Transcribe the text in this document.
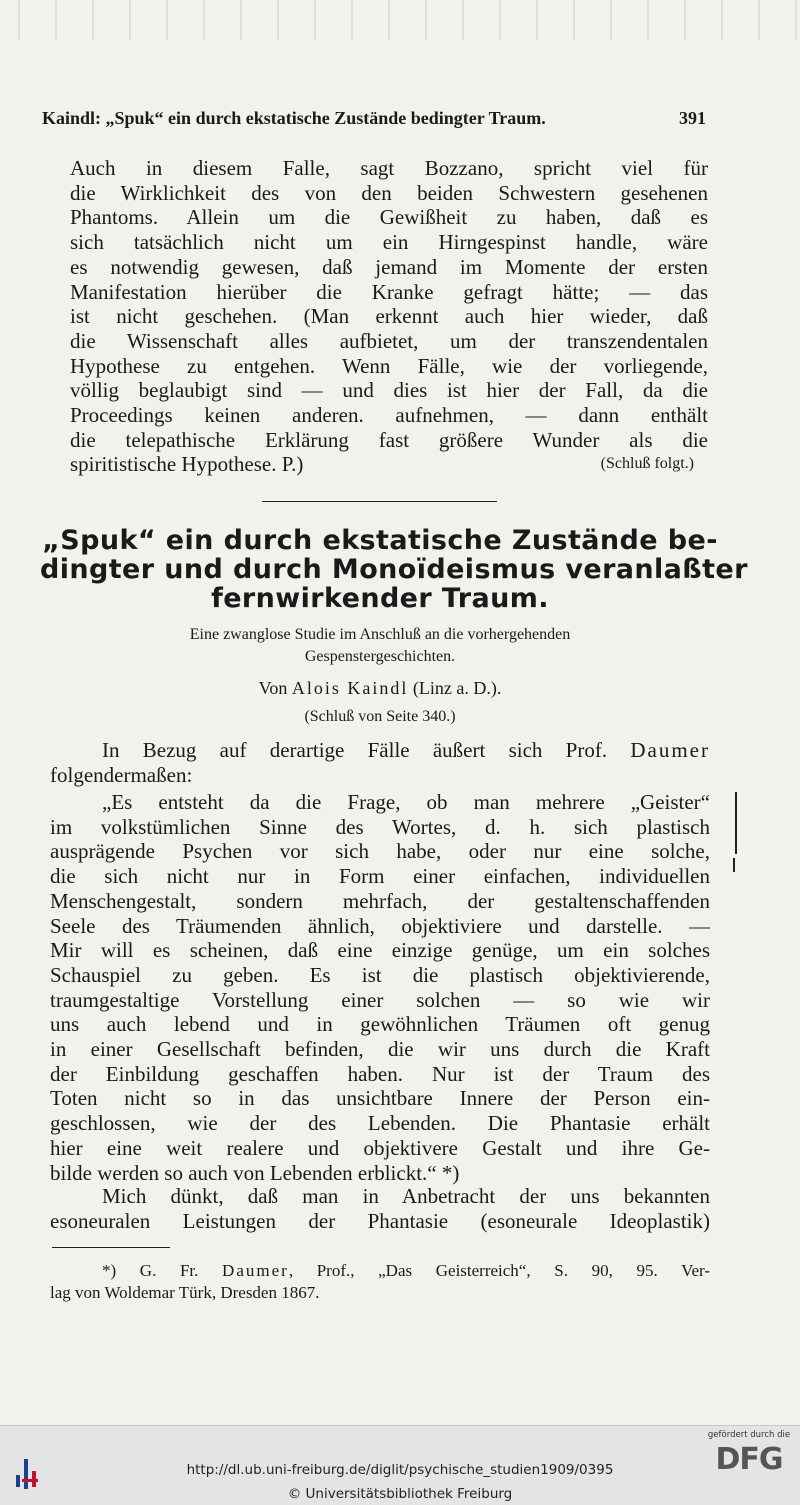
Kaindl: „Spuk“ ein durch ekstatische Zustände bedingter Traum.	391
Auch in diesem Falle, sagt Bozzano, spricht viel für
die Wirklichkeit des von den beiden Schwestern gesehenen
Phantoms. Allein um die Gewißheit zu haben, daß es
sich tatsächlich nicht um ein Hirngespinst handle, wäre
es notwendig gewesen, daß jemand im Momente der ersten
Manifestation hierüber die Kranke gefragt hätte; — das
ist nicht geschehen. (Man erkennt auch hier wieder, daß
die Wissenschaft alles aufbietet, um der transzendentalen
Hypothese zu entgehen. Wenn Fälle, wie der vorliegende,
völlig beglaubigt sind — und dies ist hier der Fall, da die
Proceedings keinen anderen. aufnehmen, — dann enthält
die telepathische Erklärung fast größere Wunder als die
spiritistische Hypothese. P.)	(Schluß folgt.)
„Spuk“ ein durch ekstatische Zustände be-
dingter und durch Monoïdeismus veranlaßter
fernwirkender Traum.
Eine zwanglose Studie im Anschluß an die vorhergehenden
Gespenstergeschichten.
Von Alois Kaindl (Linz a. D.).
(Schluß von Seite 340.)
In Bezug auf derartige Fälle äußert sich Prof. Daumer
folgendermaßen:
„Es entsteht da die Frage, ob man mehrere „Geister“
im volkstümlichen Sinne des Wortes, d. h. sich plastisch
ausprägende Psychen vor sich habe, oder nur eine solche,
die sich nicht nur in Form einer einfachen, individuellen
Menschengestalt, sondern mehrfach, der gestaltenschaffenden
Seele des Träumenden ähnlich, objektiviere und darstelle. —
Mir will es scheinen, daß eine einzige genüge, um ein solches
Schauspiel zu geben. Es ist die plastisch objektivierende,
traumgestaltige Vorstellung einer solchen — so wie wir
uns auch lebend und in gewöhnlichen Träumen oft genug
in einer Gesellschaft befinden, die wir uns durch die Kraft
der Einbildung geschaffen haben. Nur ist der Traum des
Toten nicht so in das unsichtbare Innere der Person ein-
geschlossen, wie der des Lebenden. Die Phantasie erhält
hier eine weit realere und objektivere Gestalt und ihre Ge-
bilde werden so auch von Lebenden erblickt.“ *)
Mich dünkt, daß man in Anbetracht der uns bekannten
esoneuralen Leistungen der Phantasie (esoneurale Ideoplastik)
*) G. Fr. Daumer, Prof., „Das Geisterreich“, S. 90, 95. Ver-
lag von Woldemar Türk, Dresden 1867.
http://dl.ub.uni-freiburg.de/diglit/psychische_studien1909/0395
© Universitätsbibliothek Freiburg
gefördert durch die
DFG
